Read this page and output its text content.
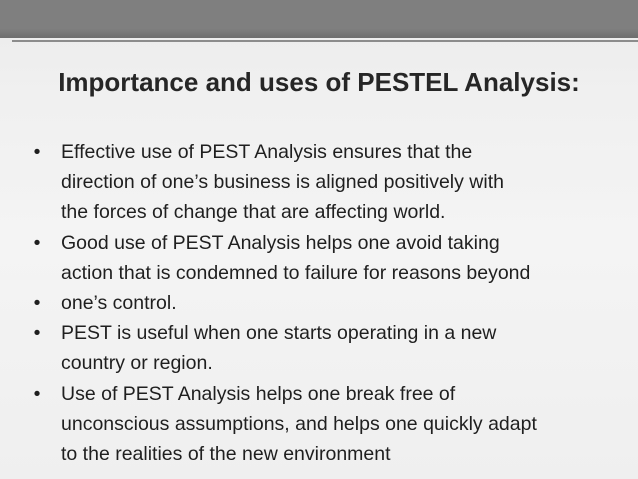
Importance and uses of PESTEL Analysis:
• Effective use of PEST Analysis ensures that the
direction of one’s business is aligned positively with
the forces of change that are affecting world.
• Good use of PEST Analysis helps one avoid taking
action that is condemned to failure for reasons beyond
• one’s control.
• PEST is useful when one starts operating in a new
country or region.
• Use of PEST Analysis helps one break free of
unconscious assumptions, and helps one quickly adapt
to the realities of the new environment
